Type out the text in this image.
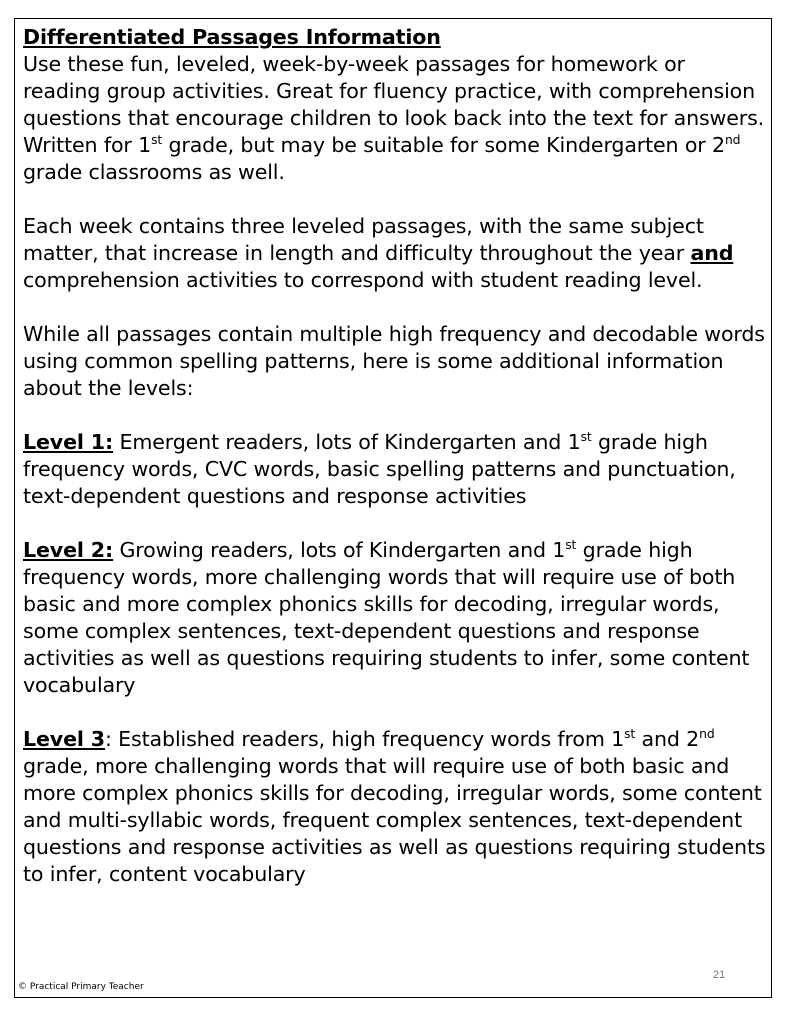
Differentiated Passages Information

Use these fun, leveled, week-by-week passages for homework or reading group activities. Great for fluency practice, with comprehension questions that encourage children to look back into the text for answers.

Written for 1st grade, but may be suitable for some Kindergarten or 2nd grade classrooms as well.

Each week contains three leveled passages, with the same subject matter, that increase in length and difficulty throughout the year and comprehension activities to correspond with student reading level.

While all passages contain multiple high frequency and decodable words using common spelling patterns, here is some additional information about the levels:

Level 1: Emergent readers, lots of Kindergarten and 1st grade high frequency words, CVC words, basic spelling patterns and punctuation, text-dependent questions and response activities

Level 2: Growing readers, lots of Kindergarten and 1st grade high frequency words, more challenging words that will require use of both basic and more complex phonics skills for decoding, irregular words, some complex sentences, text-dependent questions and response activities as well as questions requiring students to infer, some content vocabulary

Level 3: Established readers, high frequency words from 1st and 2nd grade, more challenging words that will require use of both basic and more complex phonics skills for decoding, irregular words, some content and multi-syllabic words, frequent complex sentences, text-dependent questions and response activities as well as questions requiring students to infer, content vocabulary

21
© Practical Primary Teacher
